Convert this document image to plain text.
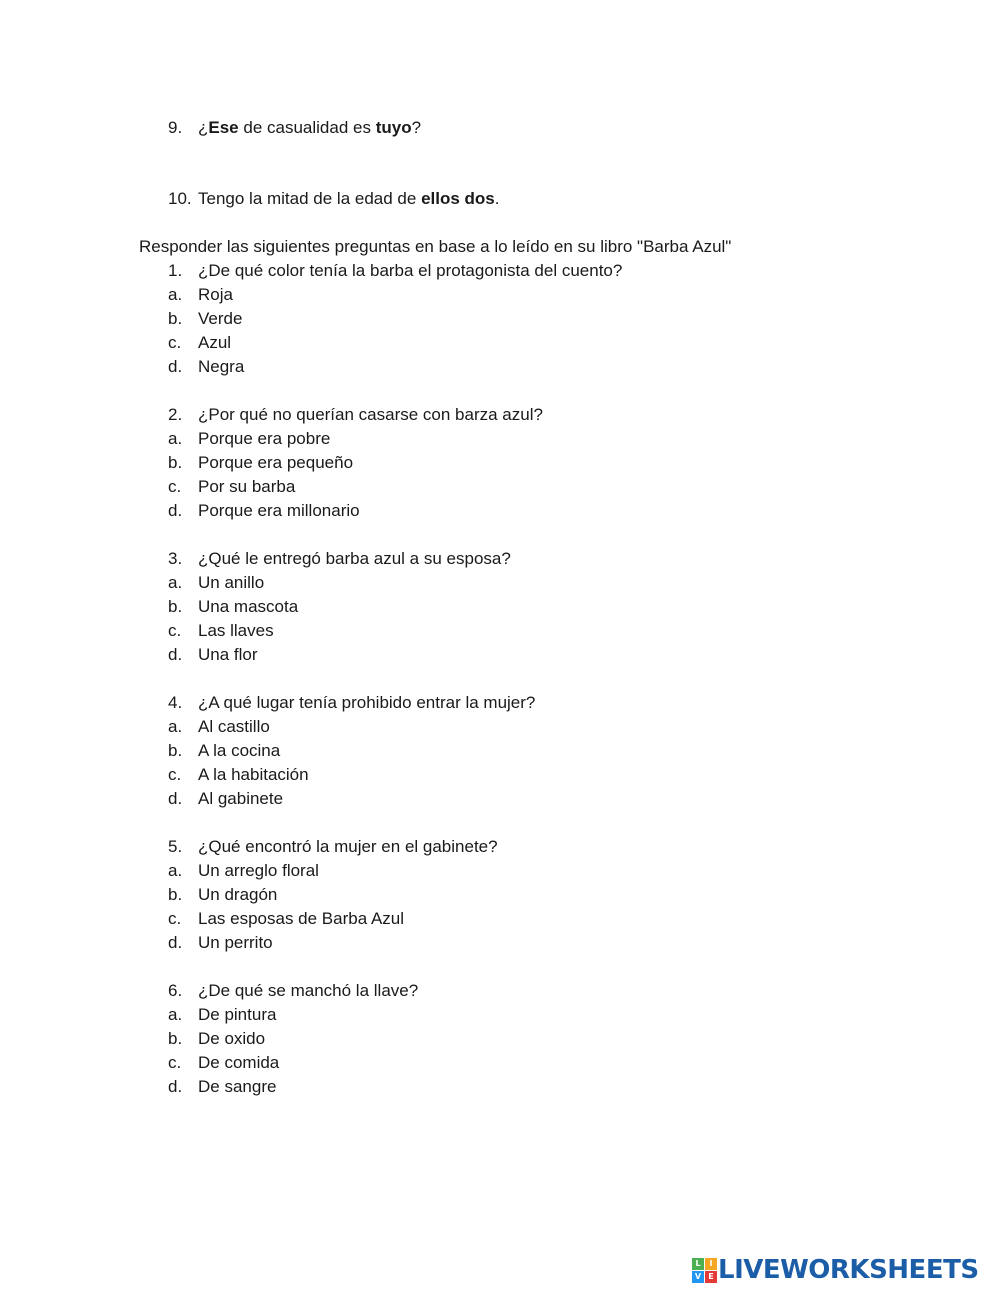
9. ¿Ese de casualidad es tuyo?
10. Tengo la mitad de la edad de ellos dos.
Responder las siguientes preguntas en base a lo leído en su libro "Barba Azul"
1. ¿De qué color tenía la barba el protagonista del cuento?
a. Roja
b. Verde
c. Azul
d. Negra
2. ¿Por qué no querían casarse con barza azul?
a. Porque era pobre
b. Porque era pequeño
c. Por su barba
d. Porque era millonario
3. ¿Qué le entregó barba azul a su esposa?
a. Un anillo
b. Una mascota
c. Las llaves
d. Una flor
4. ¿A qué lugar tenía prohibido entrar la mujer?
a. Al castillo
b. A la cocina
c. A la habitación
d. Al gabinete
5. ¿Qué encontró la mujer en el gabinete?
a. Un arreglo floral
b. Un dragón
c. Las esposas de Barba Azul
d. Un perrito
6. ¿De qué se manchó la llave?
a. De pintura
b. De oxido
c. De comida
d. De sangre
L	I
V E LIVEWORKSHEETS
